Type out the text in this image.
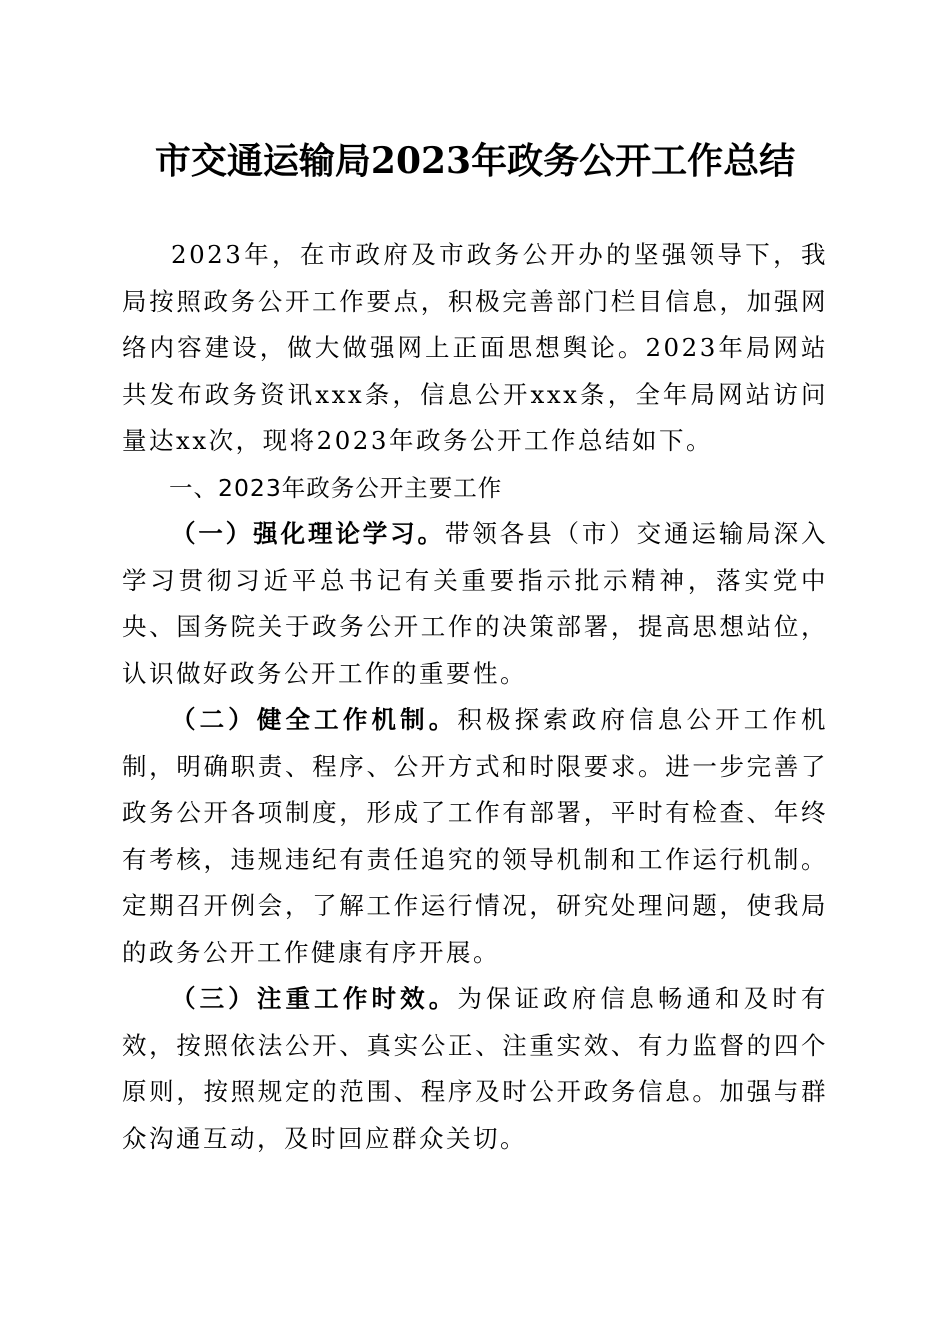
市交通运输局2023年政务公开工作总结

2023年，在市政府及市政务公开办的坚强领导下，我局按照政务公开工作要点，积极完善部门栏目信息，加强网络内容建设，做大做强网上正面思想舆论。2023年局网站共发布政务资讯xxx条，信息公开xxx条，全年局网站访问量达xx次，现将2023年政务公开工作总结如下。

一、2023年政务公开主要工作

（一）强化理论学习。带领各县（市）交通运输局深入学习贯彻习近平总书记有关重要指示批示精神，落实党中央、国务院关于政务公开工作的决策部署，提高思想站位，认识做好政务公开工作的重要性。

（二）健全工作机制。积极探索政府信息公开工作机制，明确职责、程序、公开方式和时限要求。进一步完善了政务公开各项制度，形成了工作有部署，平时有检查、年终有考核，违规违纪有责任追究的领导机制和工作运行机制。定期召开例会，了解工作运行情况，研究处理问题，使我局的政务公开工作健康有序开展。

（三）注重工作时效。为保证政府信息畅通和及时有效，按照依法公开、真实公正、注重实效、有力监督的四个原则，按照规定的范围、程序及时公开政务信息。加强与群众沟通互动，及时回应群众关切。
